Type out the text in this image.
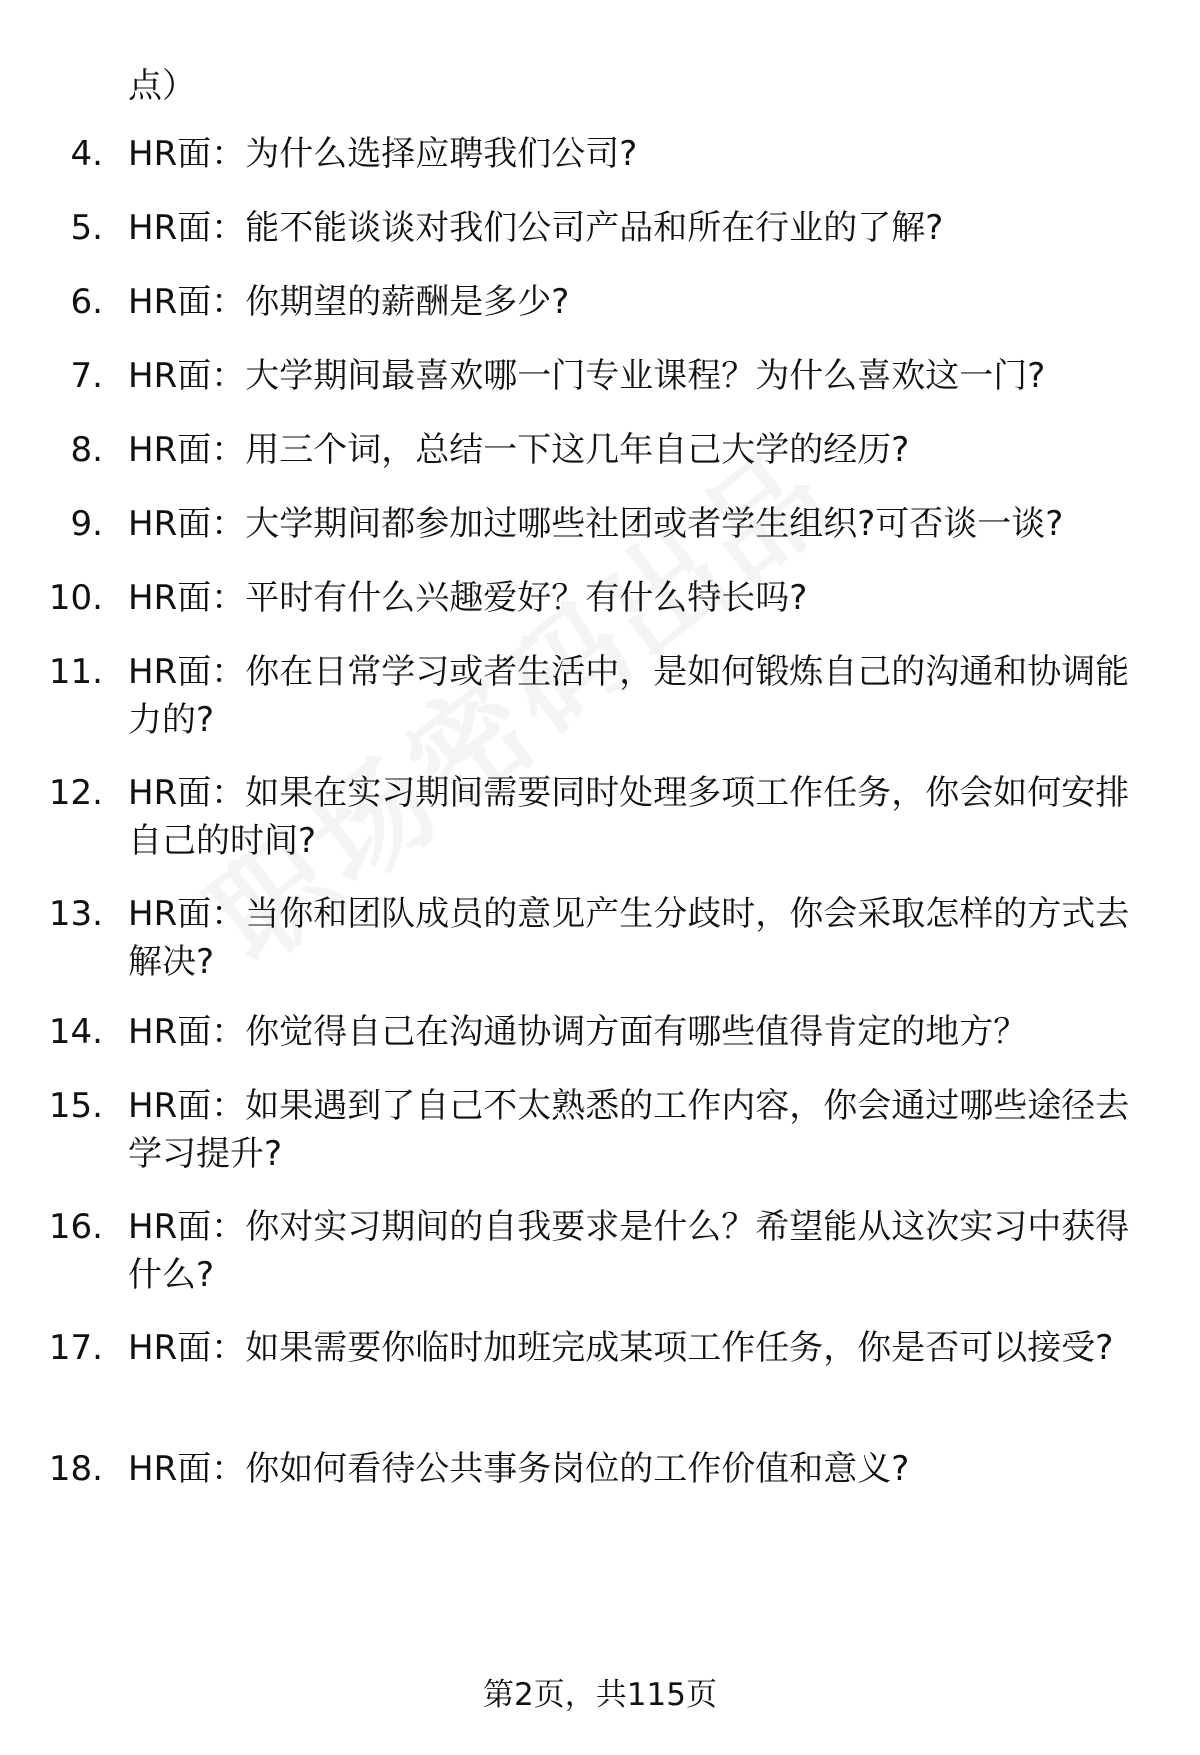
点）

4. HR面：为什么选择应聘我们公司?
5. HR面：能不能谈谈对我们公司产品和所在行业的了解?
6. HR面：你期望的薪酬是多少?
7. HR面：大学期间最喜欢哪一门专业课程？为什么喜欢这一门?
8. HR面：用三个词，总结一下这几年自己大学的经历?
9. HR面：大学期间都参加过哪些社团或者学生组织?可否谈一谈?
10. HR面：平时有什么兴趣爱好？有什么特长吗?
11. HR面：你在日常学习或者生活中，是如何锻炼自己的沟通和协调能力的?
12. HR面：如果在实习期间需要同时处理多项工作任务，你会如何安排自己的时间?
13. HR面：当你和团队成员的意见产生分歧时，你会采取怎样的方式去解决?
14. HR面：你觉得自己在沟通协调方面有哪些值得肯定的地方？
15. HR面：如果遇到了自己不太熟悉的工作内容，你会通过哪些途径去学习提升?
16. HR面：你对实习期间的自我要求是什么？希望能从这次实习中获得什么?
17. HR面：如果需要你临时加班完成某项工作任务，你是否可以接受?
18. HR面：你如何看待公共事务岗位的工作价值和意义?
第2页，共115页
